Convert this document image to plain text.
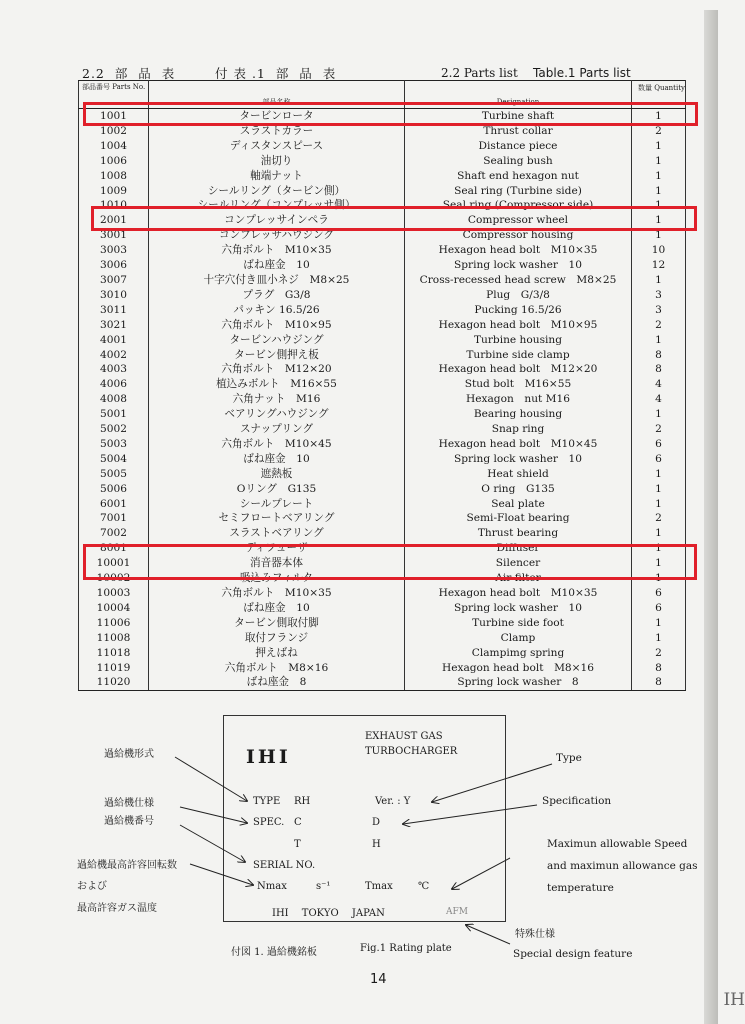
IH
2.2  部  品  表        付 表 .1  部  品  表	2.2 Parts list Table.1 Parts list
部品番号 Parts No.	部品名称	Designation	数量 Quantity
1001	タービンロータ	Turbine shaft	1
1002	スラストカラー	Thrust collar	2
1004	ディスタンスピース	Distance piece	1
1006	油切り	Sealing bush	1
1008	軸端ナット	Shaft end hexagon nut	1
1009	シールリング（タービン側）	Seal ring (Turbine side)	1
1010	シールリング（コンプレッサ側）	Seal ring (Compressor side)	1
2001	コンプレッサインペラ	Compressor wheel	1
3001	コンプレッサハウジング	Compressor housing	1
3003	六角ボルト　M10×35	Hexagon head bolt　M10×35	10
3006	ばね座金　10	Spring lock washer　10	12
3007	十字穴付き皿小ネジ　M8×25	Cross-recessed head screw　M8×25	1
3010	プラグ　G3/8	Plug　G/3/8	3
3011	パッキン 16.5/26	Pucking 16.5/26	3
3021	六角ボルト　M10×95	Hexagon head bolt　M10×95	2
4001	タービンハウジング	Turbine housing	1
4002	タービン側押え板	Turbine side clamp	8
4003	六角ボルト　M12×20	Hexagon head bolt　M12×20	8
4006	植込みボルト　M16×55	Stud bolt　M16×55	4
4008	六角ナット　M16	Hexagon　nut M16	4
5001	ベアリングハウジング	Bearing housing	1
5002	スナップリング	Snap ring	2
5003	六角ボルト　M10×45	Hexagon head bolt　M10×45	6
5004	ばね座金　10	Spring lock washer　10	6
5005	遮熱板	Heat shield	1
5006	Oリング　G135	O ring　G135	1
6001	シールプレート	Seal plate	1
7001	セミフロートベアリング	Semi-Float bearing	2
7002	スラストベアリング	Thrust bearing	1
8001	ディフューザ	Diffuser	1
10001	消音器本体	Silencer	1
10002	吸込みフィルタ	Air filter	1
10003	六角ボルト　M10×35	Hexagon head bolt　M10×35	6
10004	ばね座金　10	Spring lock washer　10	6
11006	タービン側取付脚	Turbine side foot	1
11008	取付フランジ	Clamp	1
11018	押えばね	Clampimg spring	2
11019	六角ボルト　M8×16	Hexagon head bolt　M8×16	8
11020	ばね座金　8	Spring lock washer　8	8
IHI
EXHAUST GAS
TURBOCHARGER
TYPE RH	Ver. : Y
SPEC. C	D
T	H
SERIAL NO.
Nmax	s⁻¹	Tmax	℃
IHI　 TOKYO　 JAPAN	AFM
過給機形式
過給機仕様
過給機番号
過給機最高許容回転数
および
最高許容ガス温度
特殊仕様
Type
Specification
Maximun allowable Speed
and maximun allowance gas
temperature
Special design feature
付図 1. 過給機銘板	Fig.1 Rating plate
14
